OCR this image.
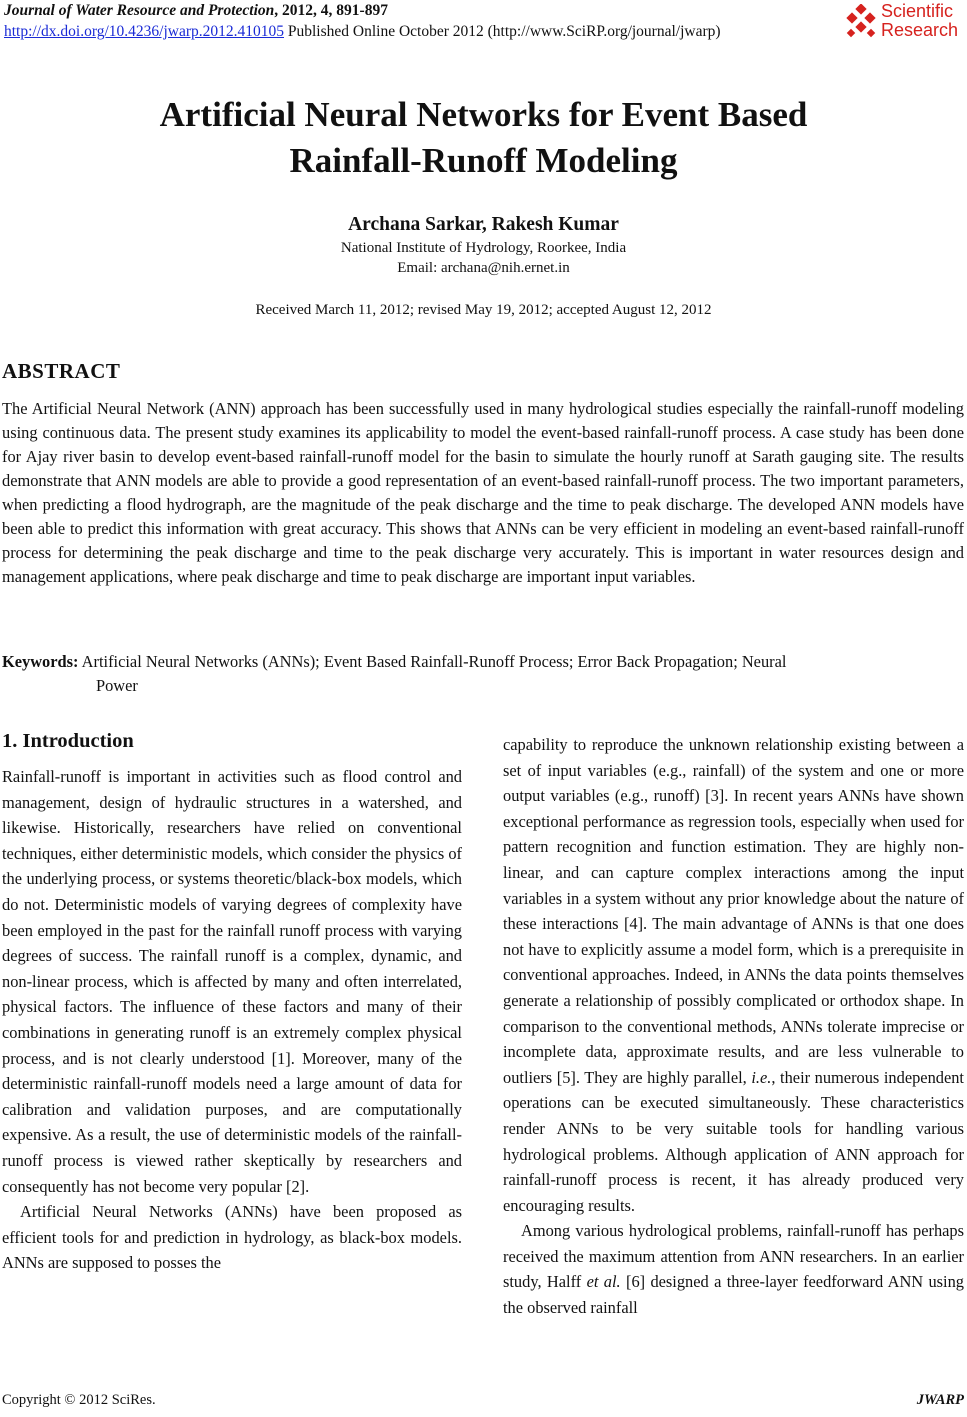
Journal of Water Resource and Protection, 2012, 4, 891-897
http://dx.doi.org/10.4236/jwarp.2012.410105 Published Online October 2012 (http://www.SciRP.org/journal/jwarp)
Scientific
Research
Artificial Neural Networks for Event Based
Rainfall-Runoff Modeling
Archana Sarkar, Rakesh Kumar
National Institute of Hydrology, Roorkee, India
Email: archana@nih.ernet.in
Received March 11, 2012; revised May 19, 2012; accepted August 12, 2012
ABSTRACT
The Artificial Neural Network (ANN) approach has been successfully used in many hydrological studies especially the rainfall-runoff modeling using continuous data. The present study examines its applicability to model the event-based rainfall-runoff process. A case study has been done for Ajay river basin to develop event-based rainfall-runoff model for the basin to simulate the hourly runoff at Sarath gauging site. The results demonstrate that ANN models are able to provide a good representation of an event-based rainfall-runoff process. The two important parameters, when predicting a flood hydrograph, are the magnitude of the peak discharge and the time to peak discharge. The developed ANN models have been able to predict this information with great accuracy. This shows that ANNs can be very efficient in modeling an event-based rainfall-runoff process for determining the peak discharge and time to the peak discharge very accurately. This is important in water resources design and management applications, where peak discharge and time to peak discharge are important input variables.
Keywords: Artificial Neural Networks (ANNs); Event Based Rainfall-Runoff Process; Error Back Propagation; Neural
Power
1. Introduction

Rainfall-runoff is important in activities such as flood control and management, design of hydraulic structures in a watershed, and likewise. Historically, researchers have relied on conventional techniques, either deterministic models, which consider the physics of the underlying process, or systems theoretic/black-box models, which do not. Deterministic models of varying degrees of complexity have been employed in the past for the rainfall runoff process with varying degrees of success. The rainfall runoff is a complex, dynamic, and non-linear process, which is affected by many and often interrelated, physical factors. The influence of these factors and many of their combinations in generating runoff is an extremely complex physical process, and is not clearly understood [1]. Moreover, many of the deterministic rainfall-runoff models need a large amount of data for calibration and validation purposes, and are computationally expensive. As a result, the use of deterministic models of the rainfall-runoff process is viewed rather skeptically by researchers and consequently has not become very popular [2].

Artificial Neural Networks (ANNs) have been proposed as efficient tools for and prediction in hydrology, as black-box models. ANNs are supposed to posses the

capability to reproduce the unknown relationship existing between a set of input variables (e.g., rainfall) of the system and one or more output variables (e.g., runoff) [3]. In recent years ANNs have shown exceptional performance as regression tools, especially when used for pattern recognition and function estimation. They are highly non-linear, and can capture complex interactions among the input variables in a system without any prior knowledge about the nature of these interactions [4]. The main advantage of ANNs is that one does not have to explicitly assume a model form, which is a prerequisite in conventional approaches. Indeed, in ANNs the data points themselves generate a relationship of possibly complicated or orthodox shape. In comparison to the conventional methods, ANNs tolerate imprecise or incomplete data, approximate results, and are less vulnerable to outliers [5]. They are highly parallel, i.e., their numerous independent operations can be executed simultaneously. These characteristics render ANNs to be very suitable tools for handling various hydrological problems. Although application of ANN approach for rainfall-runoff process is recent, it has already produced very encouraging results.

Among various hydrological problems, rainfall-runoff has perhaps received the maximum attention from ANN researchers. In an earlier study, Halff et al. [6] designed a three-layer feedforward ANN using the observed rainfall

Copyright © 2012 SciRes.	JWARP
